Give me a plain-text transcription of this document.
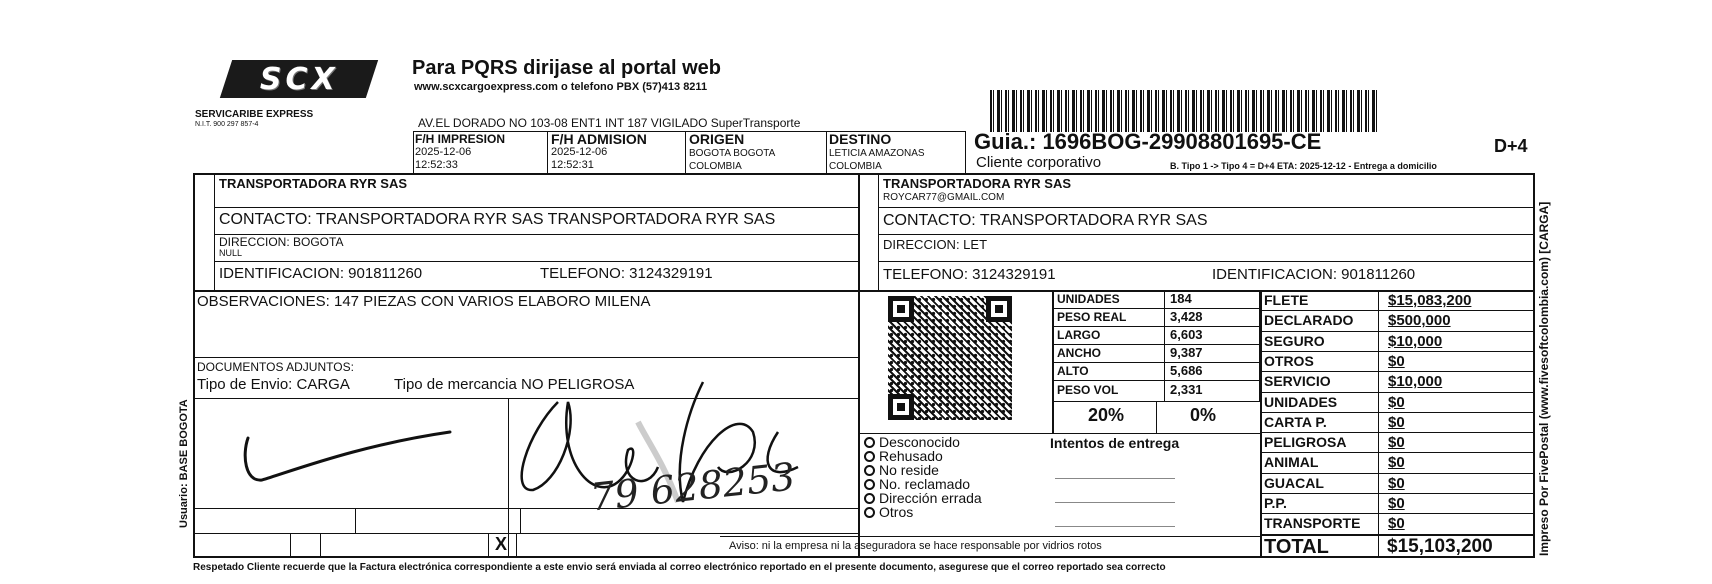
SCX
SERVICARIBE EXPRESS
N.I.T. 900 297 857-4
Para PQRS dirijase al portal web
www.scxcargoexpress.com o telefono PBX (57)413 8211
AV.EL DORADO NO 103-08 ENT1 INT 187 VIGILADO SuperTransporte
F/H IMPRESION
2025-12-06
12:52:33
F/H ADMISION
2025-12-06
12:52:31
ORIGEN
BOGOTA BOGOTA
COLOMBIA
DESTINO
LETICIA AMAZONAS
COLOMBIA
Guia.: 1696BOG-29908801695-CE	D+4
Cliente corporativo	B. Tipo 1 -> Tipo 4 = D+4 ETA: 2025-12-12 - Entrega a domicilio
TRANSPORTADORA RYR SAS
CONTACTO: TRANSPORTADORA RYR SAS TRANSPORTADORA RYR SAS
DIRECCION: BOGOTA
NULL
IDENTIFICACION: 901811260	TELEFONO: 3124329191
TRANSPORTADORA RYR SAS
ROYCAR77@GMAIL.COM
CONTACTO: TRANSPORTADORA RYR SAS
DIRECCION: LET
TELEFONO: 3124329191	IDENTIFICACION: 901811260
OBSERVACIONES: 147 PIEZAS CON VARIOS ELABORO MILENA
DOCUMENTOS ADJUNTOS:
Tipo de Envio: CARGA	Tipo de mercancia NO PELIGROSA
X
79 628253
UNIDADES	184
PESO REAL	3,428
LARGO	6,603
ANCHO	9,387
ALTO	5,686
PESO VOL	2,331
20%	0%
Desconocido
Rehusado
No reside
No. reclamado
Dirección errada
Otros
Intentos de entrega
Aviso: ni la empresa ni la aseguradora se hace responsable por vidrios rotos
FLETE	$15,083,200
DECLARADO $500,000
SEGURO	$10,000
OTROS	$0
SERVICIO	$10,000
UNIDADES	$0
CARTA P.	$0
PELIGROSA	$0
ANIMAL	$0
GUACAL	$0
P.P.	$0
TRANSPORTE $0
TOTAL	$15,103,200
Respetado Cliente recuerde que la Factura electrónica correspondiente a este envio será enviada al correo electrónico reportado en el presente documento, asegurese que el correo reportado sea correcto
Usuario: BASE BOGOTA	Impreso Por FivePostal (www.fivesoftcolombia.com) [CARGA]
